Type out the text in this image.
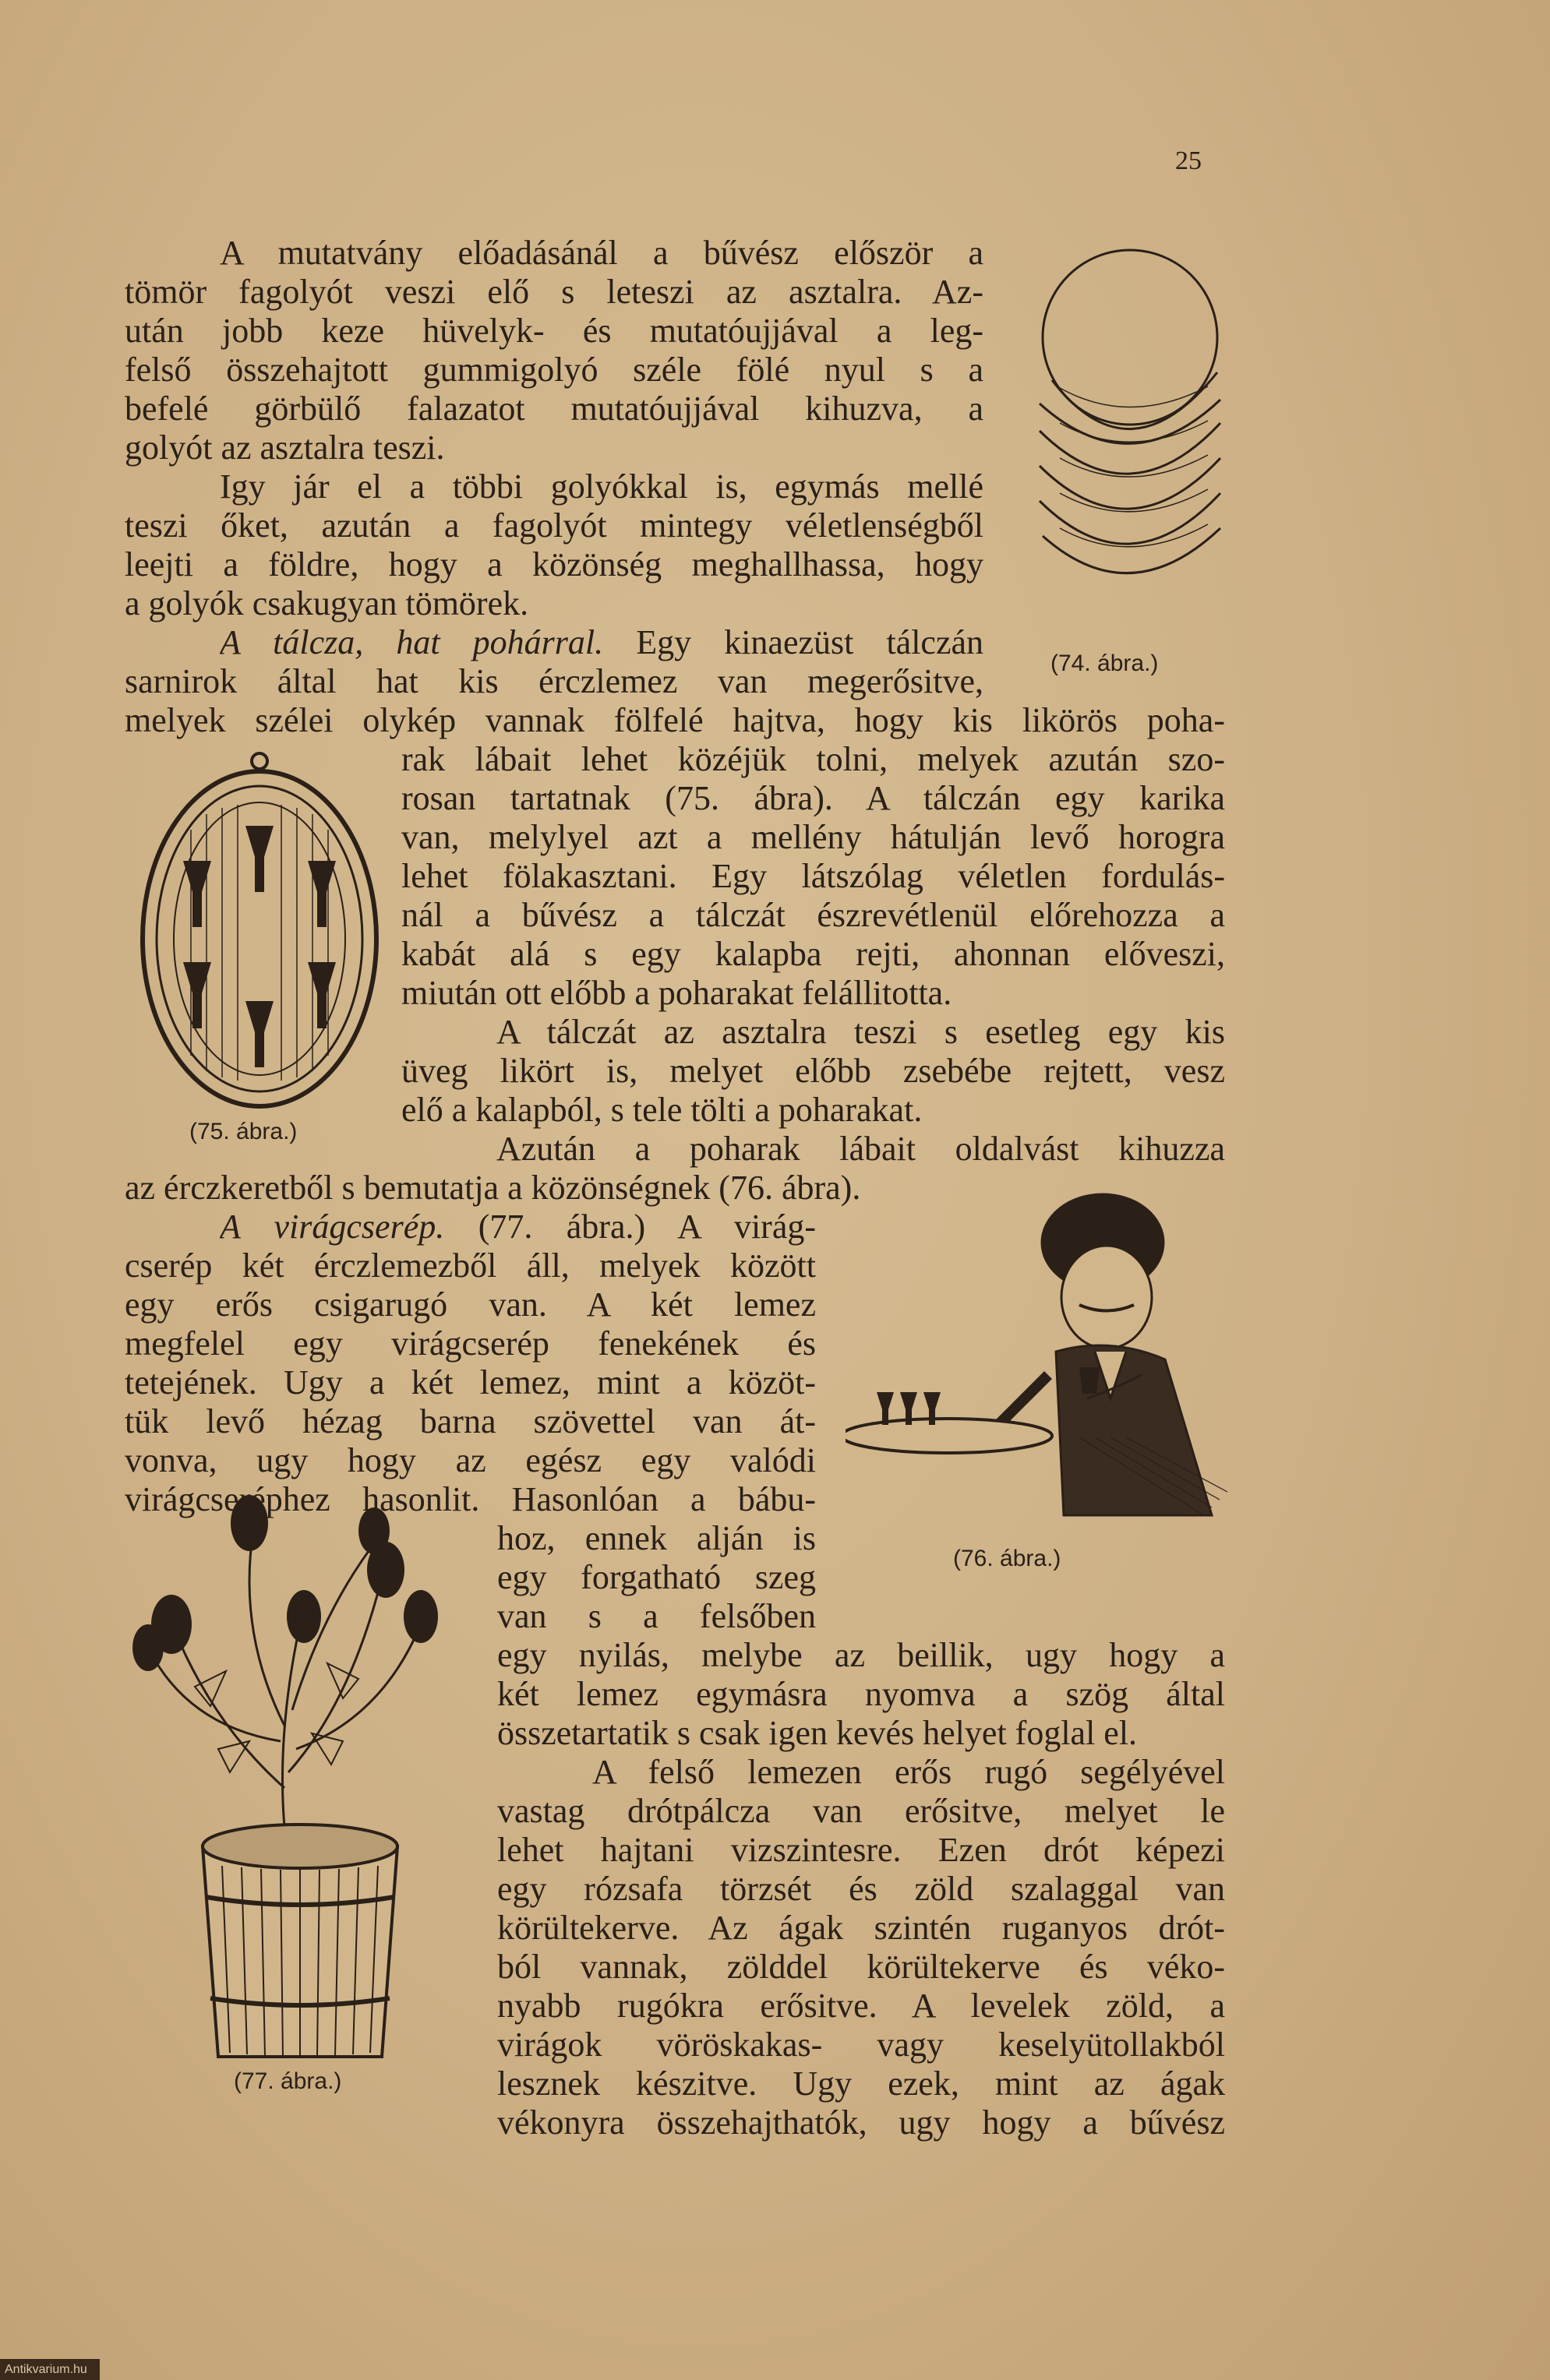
25
(74. ábra.)
(75. ábra.)
(76. ábra.)
(77. ábra.)
A mutatvány előadásánál a bűvész először a
tömör fagolyót veszi elő s leteszi az asztalra. Az-
után jobb keze hüvelyk- és mutatóujjával a leg-
felső összehajtott gummigolyó széle fölé nyul s a
befelé görbülő falazatot mutatóujjával kihuzva, a
golyót az asztalra teszi.
Igy jár el a többi golyókkal is, egymás mellé
teszi őket, azután a fagolyót mintegy véletlenségből
leejti a földre, hogy a közönség meghallhassa, hogy
a golyók csakugyan tömörek.
A tálcza, hat pohárral. Egy kinaezüst tálczán
sarnirok által hat kis érczlemez van megerősitve,
melyek szélei olykép vannak fölfelé hajtva, hogy kis likörös poha-
rak lábait lehet közéjük tolni, melyek azután szo-
rosan tartatnak (75. ábra). A tálczán egy karika
van, melylyel azt a mellény hátulján levő horogra
lehet fölakasztani. Egy látszólag véletlen fordulás-
nál a bűvész a tálczát észrevétlenül előrehozza a
kabát alá s egy kalapba rejti, ahonnan előveszi,
miután ott előbb a poharakat felállitotta.
A tálczát az asztalra teszi s esetleg egy kis
üveg likört is, melyet előbb zsebébe rejtett, vesz
elő a kalapból, s tele tölti a poharakat.
Azután a poharak lábait oldalvást kihuzza
az érczkeretből s bemutatja a közönségnek (76. ábra).
A virágcserép. (77. ábra.) A virág-
cserép két érczlemezből áll, melyek között
egy erős csigarugó van. A két lemez
megfelel egy virágcserép fenekének és
tetejének. Ugy a két lemez, mint a közöt-
tük levő hézag barna szövettel van át-
vonva, ugy hogy az egész egy valódi
virágcseréphez hasonlit. Hasonlóan a bábu-
hoz, ennek alján is
egy forgatható szeg
van s a felsőben
egy nyilás, melybe az beillik, ugy hogy a
két lemez egymásra nyomva a szög által
összetartatik s csak igen kevés helyet foglal el.
A felső lemezen erős rugó segélyével
vastag drótpálcza van erősitve, melyet le
lehet hajtani vizszintesre. Ezen drót képezi
egy rózsafa törzsét és zöld szalaggal van
körültekerve. Az ágak szintén ruganyos drót-
ból vannak, zölddel körültekerve és véko-
nyabb rugókra erősitve. A levelek zöld, a
virágok vöröskakas- vagy keselyütollakból
lesznek készitve. Ugy ezek, mint az ágak
vékonyra összehajthatók, ugy hogy a bűvész
Antikvarium.hu
